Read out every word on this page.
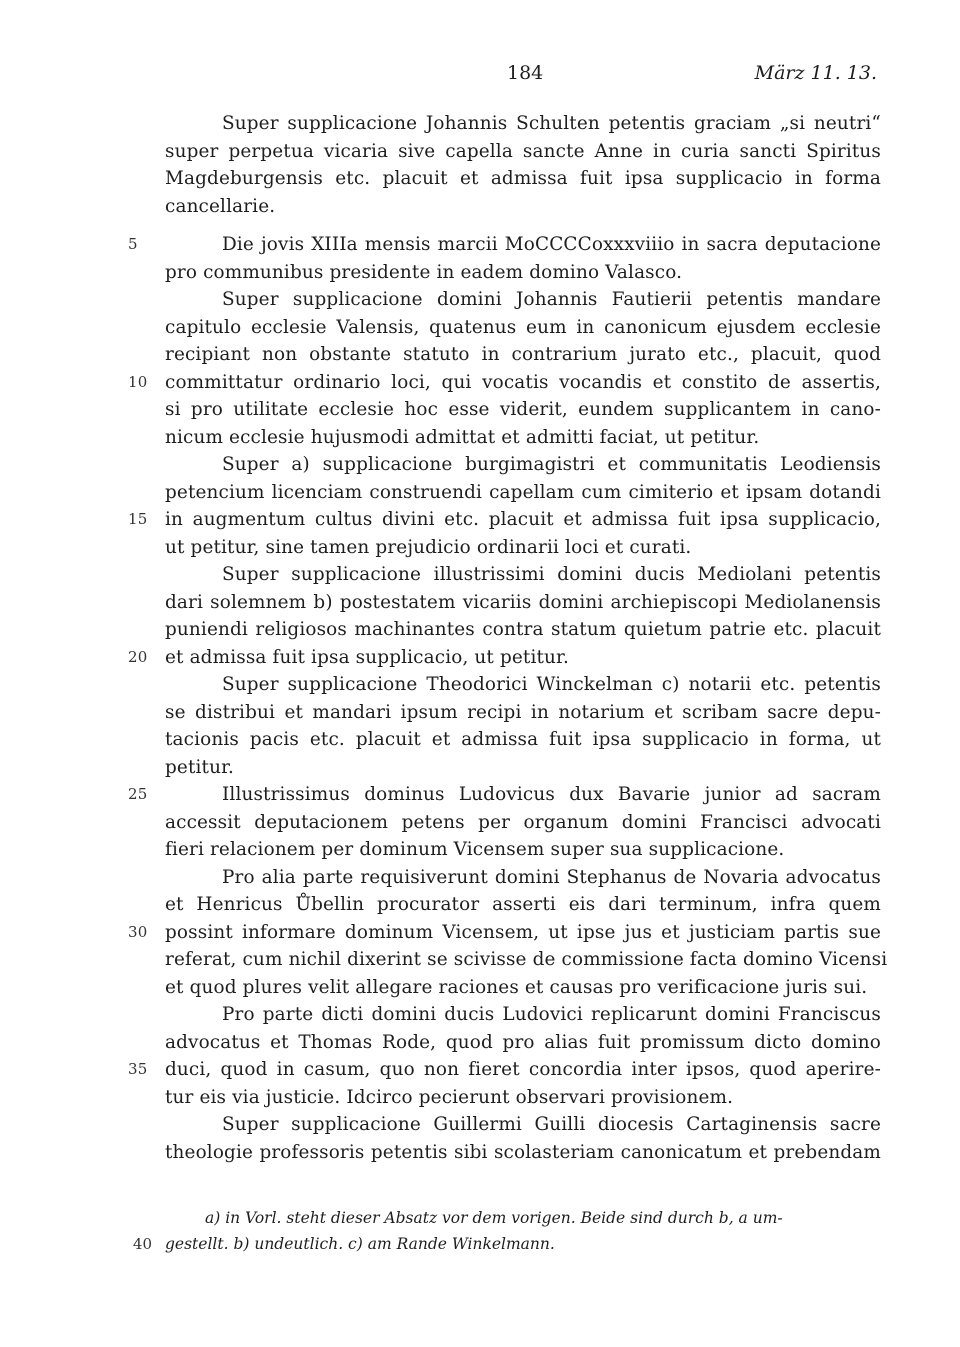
184	März 11. 13.
Super supplicacione Johannis Schulten petentis graciam „si neutri“
super perpetua vicaria sive capella sancte Anne in curia sancti Spiritus
Magdeburgensis etc. placuit et admissa fuit ipsa supplicacio in forma
cancellarie.
5	Die jovis XIIIa mensis marcii MoCCCCoxxxviiio in sacra deputacione
pro communibus presidente in eadem domino Valasco.
Super supplicacione domini Johannis Fautierii petentis mandare
capitulo ecclesie Valensis, quatenus eum in canonicum ejusdem ecclesie
recipiant non obstante statuto in contrarium jurato etc., placuit, quod
10 committatur ordinario loci, qui vocatis vocandis et constito de assertis,
si pro utilitate ecclesie hoc esse viderit, eundem supplicantem in cano-
nicum ecclesie hujusmodi admittat et admitti faciat, ut petitur.
Super a) supplicacione burgimagistri et communitatis Leodiensis
petencium licenciam construendi capellam cum cimiterio et ipsam dotandi
15 in augmentum cultus divini etc. placuit et admissa fuit ipsa supplicacio,
ut petitur, sine tamen prejudicio ordinarii loci et curati.
Super supplicacione illustrissimi domini ducis Mediolani petentis
dari solemnem b) postestatem vicariis domini archiepiscopi Mediolanensis
puniendi religiosos machinantes contra statum quietum patrie etc. placuit
20 et admissa fuit ipsa supplicacio, ut petitur.
Super supplicacione Theodorici Winckelman c) notarii etc. petentis
se distribui et mandari ipsum recipi in notarium et scribam sacre depu-
tacionis pacis etc. placuit et admissa fuit ipsa supplicacio in forma, ut
petitur.
25	Illustrissimus dominus Ludovicus dux Bavarie junior ad sacram
accessit deputacionem petens per organum domini Francisci advocati
fieri relacionem per dominum Vicensem super sua supplicacione.
Pro alia parte requisiverunt domini Stephanus de Novaria advocatus
et Henricus Ůbellin procurator asserti eis dari terminum, infra quem
30 possint informare dominum Vicensem, ut ipse jus et justiciam partis sue
referat, cum nichil dixerint se scivisse de commissione facta domino Vicensi
et quod plures velit allegare raciones et causas pro verificacione juris sui.
Pro parte dicti domini ducis Ludovici replicarunt domini Franciscus
advocatus et Thomas Rode, quod pro alias fuit promissum dicto domino
35 duci, quod in casum, quo non fieret concordia inter ipsos, quod aperire-
tur eis via justicie. Idcirco pecierunt observari provisionem.
Super supplicacione Guillermi Guilli diocesis Cartaginensis sacre
theologie professoris petentis sibi scolasteriam canonicatum et prebendam
a) in Vorl. steht dieser Absatz vor dem vorigen. Beide sind durch b, a um-
40 gestellt. b) undeutlich. c) am Rande Winkelmann.
